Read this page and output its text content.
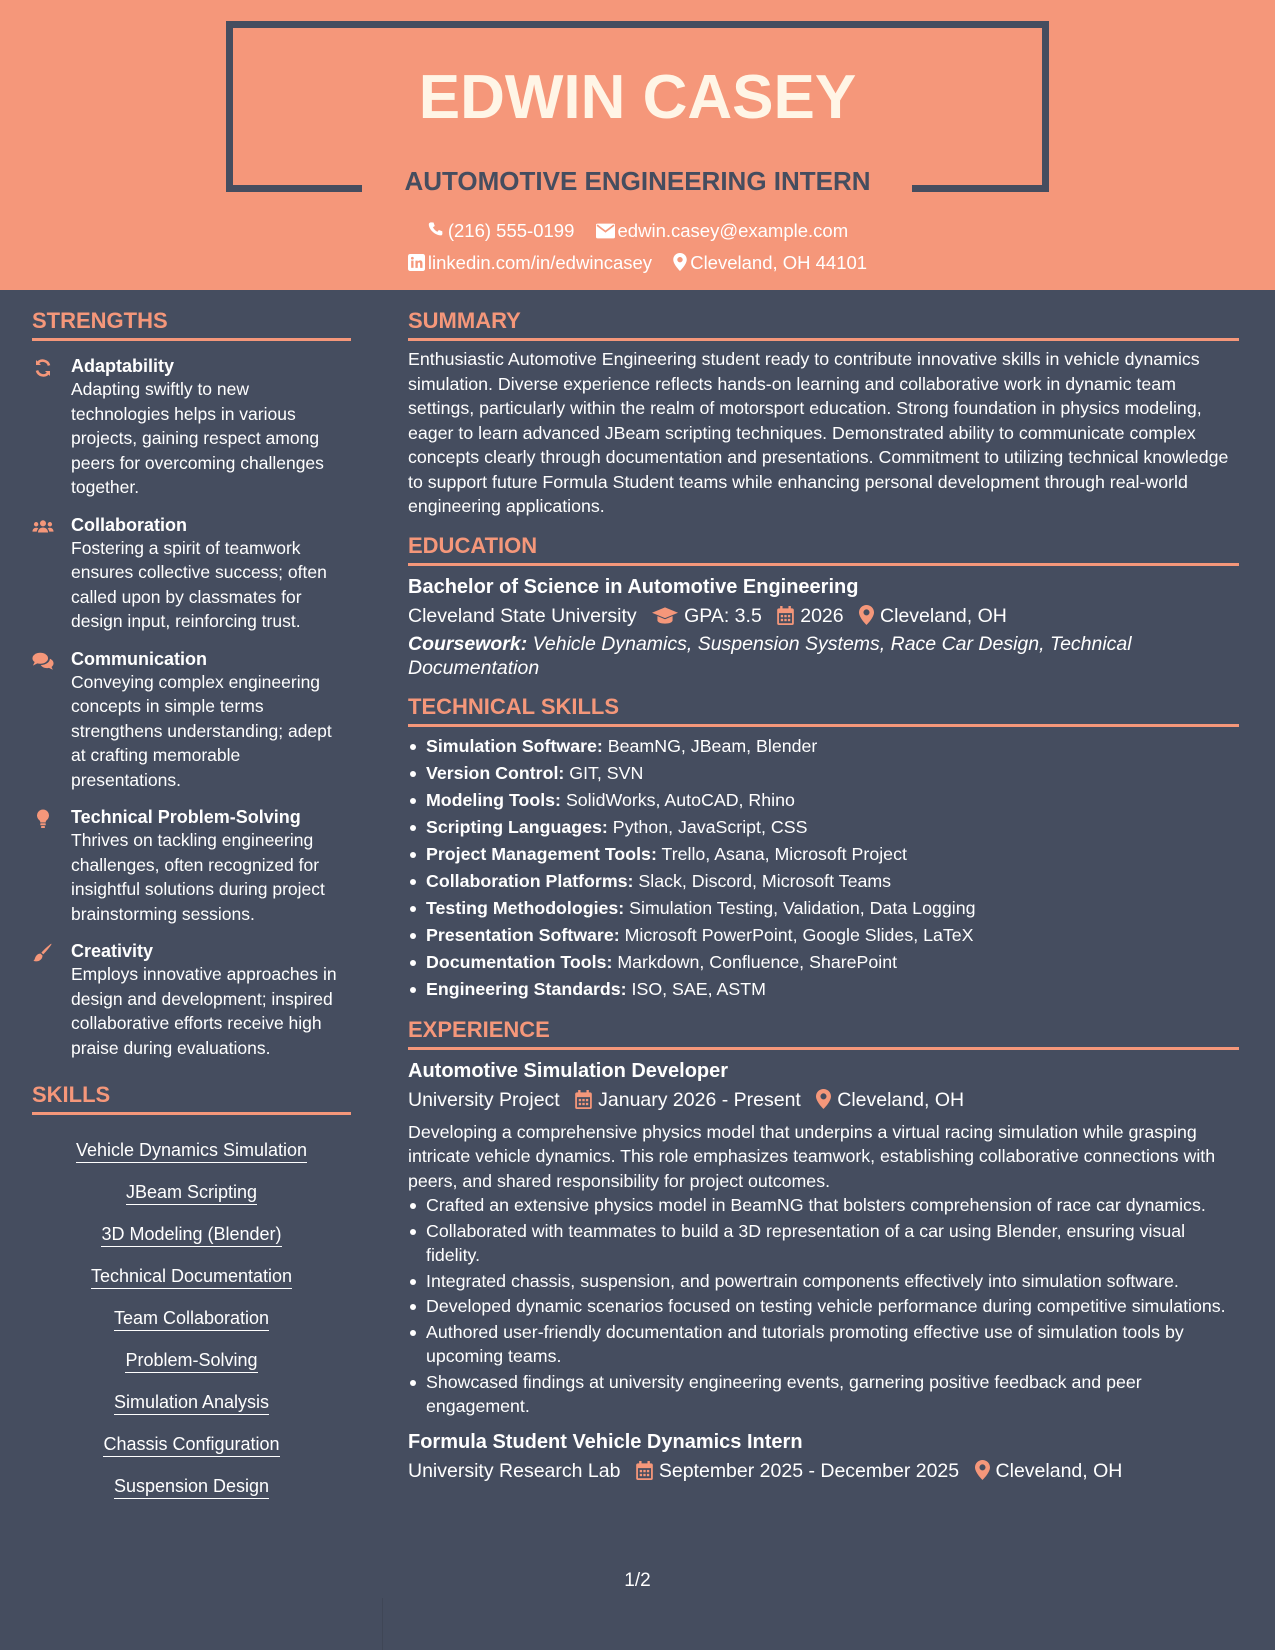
EDWIN CASEY
AUTOMOTIVE ENGINEERING INTERN
(216) 555-0199 edwin.casey@example.com
linkedin.com/in/edwincasey Cleveland, OH 44101
STRENGTHS
Adaptability
Adapting swiftly to new technologies helps in various projects, gaining respect among peers for overcoming challenges together.
Collaboration
Fostering a spirit of teamwork ensures collective success; often called upon by classmates for design input, reinforcing trust.
Communication
Conveying complex engineering concepts in simple terms strengthens understanding; adept at crafting memorable presentations.
Technical Problem-Solving
Thrives on tackling engineering challenges, often recognized for insightful solutions during project brainstorming sessions.
Creativity
Employs innovative approaches in design and development; inspired collaborative efforts receive high praise during evaluations.
SKILLS
Vehicle Dynamics Simulation
JBeam Scripting
3D Modeling (Blender)
Technical Documentation
Team Collaboration
Problem-Solving
Simulation Analysis
Chassis Configuration
Suspension Design
SUMMARY
Enthusiastic Automotive Engineering student ready to contribute innovative skills in vehicle dynamics simulation. Diverse experience reflects hands-on learning and collaborative work in dynamic team settings, particularly within the realm of motorsport education. Strong foundation in physics modeling, eager to learn advanced JBeam scripting techniques. Demonstrated ability to communicate complex concepts clearly through documentation and presentations. Commitment to utilizing technical knowledge to support future Formula Student teams while enhancing personal development through real-world engineering applications.
EDUCATION
Bachelor of Science in Automotive Engineering
Cleveland State University GPA: 3.5 2026 Cleveland, OH
Coursework: Vehicle Dynamics, Suspension Systems, Race Car Design, Technical Documentation
TECHNICAL SKILLS
Simulation Software: BeamNG, JBeam, Blender
Version Control: GIT, SVN
Modeling Tools: SolidWorks, AutoCAD, Rhino
Scripting Languages: Python, JavaScript, CSS
Project Management Tools: Trello, Asana, Microsoft Project
Collaboration Platforms: Slack, Discord, Microsoft Teams
Testing Methodologies: Simulation Testing, Validation, Data Logging
Presentation Software: Microsoft PowerPoint, Google Slides, LaTeX
Documentation Tools: Markdown, Confluence, SharePoint
Engineering Standards: ISO, SAE, ASTM
EXPERIENCE
Automotive Simulation Developer
University Project January 2026 - Present Cleveland, OH
Developing a comprehensive physics model that underpins a virtual racing simulation while grasping intricate vehicle dynamics. This role emphasizes teamwork, establishing collaborative connections with peers, and shared responsibility for project outcomes.
Crafted an extensive physics model in BeamNG that bolsters comprehension of race car dynamics.
Collaborated with teammates to build a 3D representation of a car using Blender, ensuring visual fidelity.
Integrated chassis, suspension, and powertrain components effectively into simulation software.
Developed dynamic scenarios focused on testing vehicle performance during competitive simulations.
Authored user-friendly documentation and tutorials promoting effective use of simulation tools by upcoming teams.
Showcased findings at university engineering events, garnering positive feedback and peer engagement.
Formula Student Vehicle Dynamics Intern
University Research Lab September 2025 - December 2025 Cleveland, OH
1/2
